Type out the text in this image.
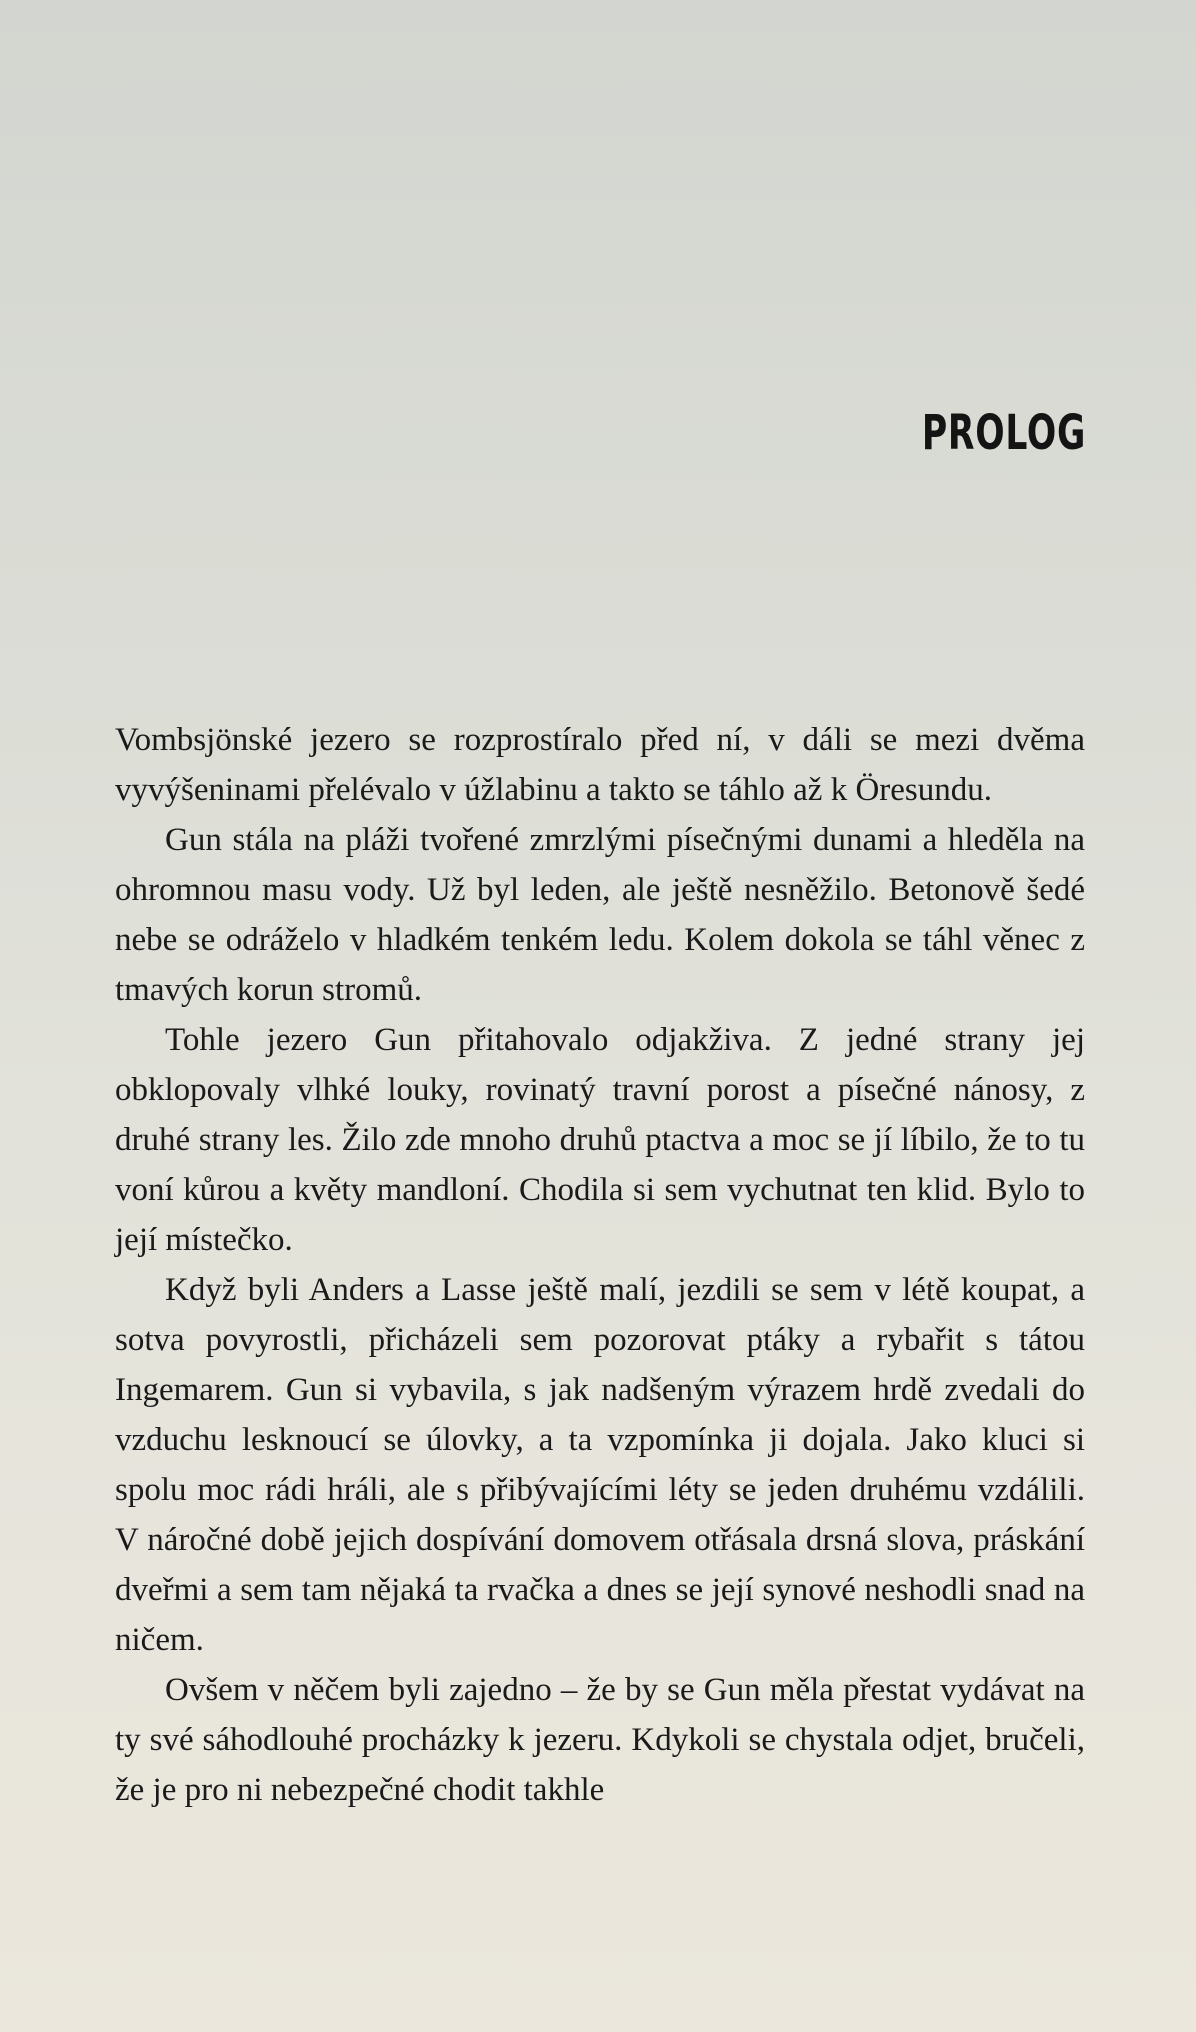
PROLOG

Vombsjönské jezero se rozprostíralo před ní, v dáli se mezi dvěma vyvýšeninami přelévalo v úžlabinu a takto se táhlo až k Öresundu.

Gun stála na pláži tvořené zmrzlými písečnými dunami a hleděla na ohromnou masu vody. Už byl leden, ale ještě nesněžilo. Betonově šedé nebe se odráželo v hladkém tenkém ledu. Kolem dokola se táhl věnec z tmavých korun stromů.

Tohle jezero Gun přitahovalo odjakživa. Z jedné strany jej obklopovaly vlhké louky, rovinatý travní porost a písečné nánosy, z druhé strany les. Žilo zde mnoho druhů ptactva a moc se jí líbilo, že to tu voní kůrou a květy mandloní. Chodila si sem vychutnat ten klid. Bylo to její místečko.

Když byli Anders a Lasse ještě malí, jezdili se sem v létě koupat, a sotva povyrostli, přicházeli sem pozorovat ptáky a rybařit s tátou Ingemarem. Gun si vybavila, s jak nadšeným výrazem hrdě zvedali do vzduchu lesknoucí se úlovky, a ta vzpomínka ji dojala. Jako kluci si spolu moc rádi hráli, ale s přibývajícími léty se jeden druhému vzdálili. V náročné době jejich dospívání domovem otřásala drsná slova, práskání dveřmi a sem tam nějaká ta rvačka a dnes se její synové neshodli snad na ničem.

Ovšem v něčem byli zajedno – že by se Gun měla přestat vydávat na ty své sáhodlouhé procházky k jezeru. Kdykoli se chystala odjet, bručeli, že je pro ni nebezpečné chodit takhle
